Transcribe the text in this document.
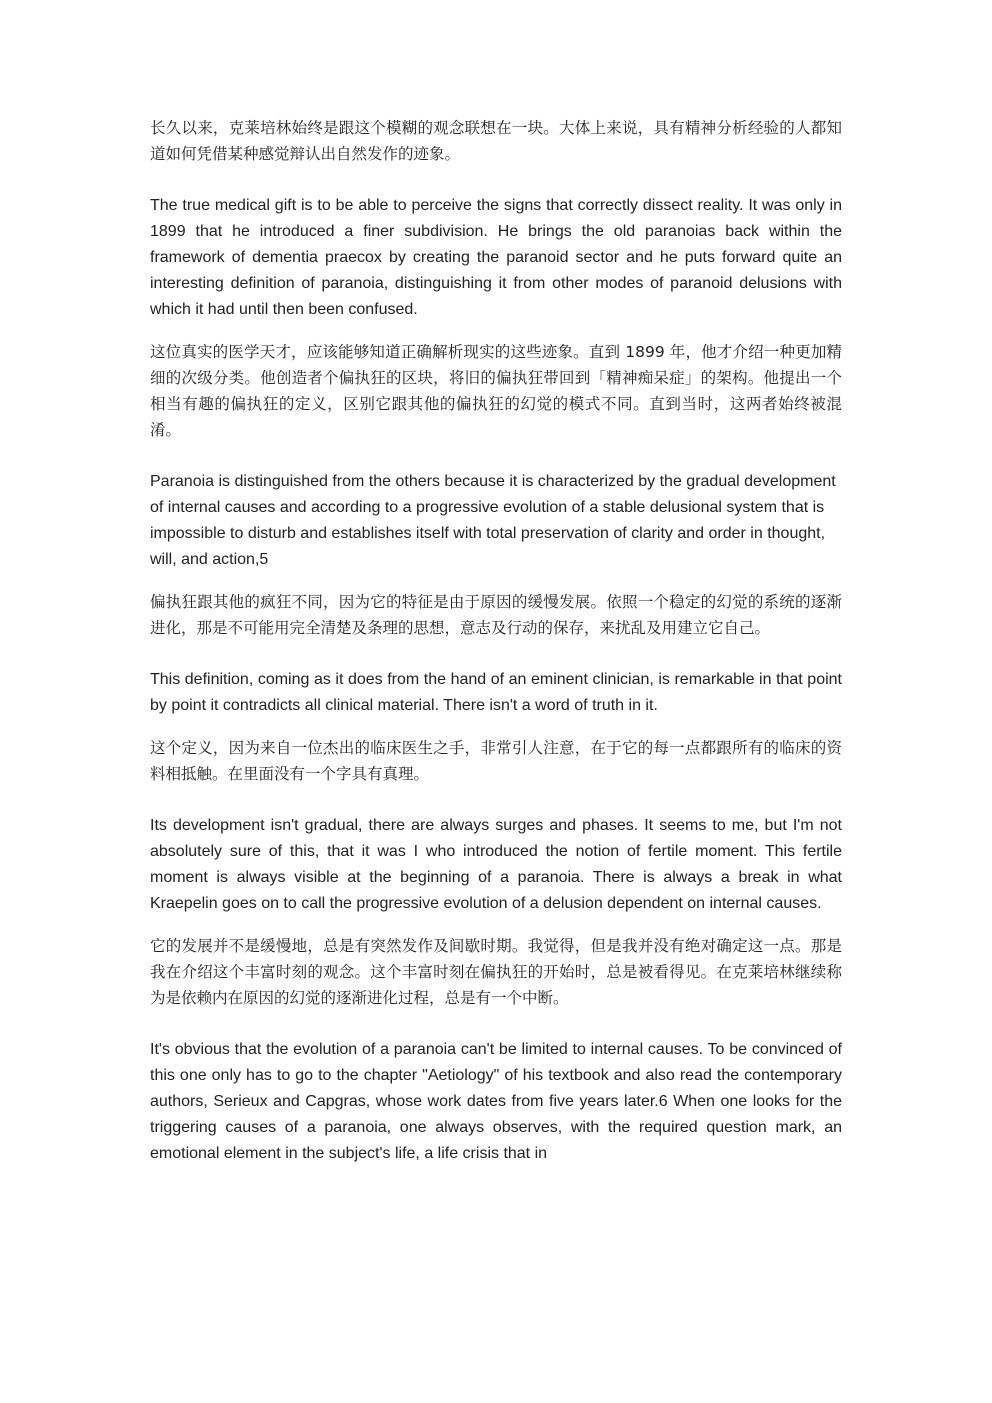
长久以来，克莱培林始终是跟这个模糊的观念联想在一块。大体上来说，具有精神分析经验的人都知道如何凭借某种感觉辩认出自然发作的迹象。

The true medical gift is to be able to perceive the signs that correctly dissect reality. It was only in 1899 that he introduced a finer subdivision. He brings the old paranoias back within the framework of dementia praecox by creating the paranoid sector and he puts forward quite an interesting definition of paranoia, distinguishing it from other modes of paranoid delusions with which it had until then been confused.

这位真实的医学天才，应该能够知道正确解析现实的这些迹象。直到 1899 年，他才介绍一种更加精细的次级分类。他创造者个偏执狂的区块，将旧的偏执狂带回到「精神痴呆症」的架构。他提出一个相当有趣的偏执狂的定义，区别它跟其他的偏执狂的幻觉的模式不同。直到当时，这两者始终被混淆。

Paranoia is distinguished from the others because it is characterized by the gradual development of internal causes and according to a progressive evolution of a stable delusional system that is impossible to disturb and establishes itself with total preservation of clarity and order in thought, will, and action,5

偏执狂跟其他的疯狂不同，因为它的特征是由于原因的缓慢发展。依照一个稳定的幻觉的系统的逐渐进化，那是不可能用完全清楚及条理的思想，意志及行动的保存，来扰乱及用建立它自己。

This definition, coming as it does from the hand of an eminent clinician, is remarkable in that point by point it contradicts all clinical material. There isn't a word of truth in it.

这个定义，因为来自一位杰出的临床医生之手，非常引人注意，在于它的每一点都跟所有的临床的资料相抵触。在里面没有一个字具有真理。

Its development isn't gradual, there are always surges and phases. It seems to me, but I'm not absolutely sure of this, that it was I who introduced the notion of fertile moment. This fertile moment is always visible at the beginning of a paranoia. There is always a break in what Kraepelin goes on to call the progressive evolution of a delusion dependent on internal causes.

它的发展并不是缓慢地，总是有突然发作及间歇时期。我觉得，但是我并没有绝对确定这一点。那是我在介绍这个丰富时刻的观念。这个丰富时刻在偏执狂的开始时，总是被看得见。在克莱培林继续称为是依赖内在原因的幻觉的逐渐进化过程，总是有一个中断。

It's obvious that the evolution of a paranoia can't be limited to internal causes. To be convinced of this one only has to go to the chapter "Aetiology" of his textbook and also read the contemporary authors, Serieux and Capgras, whose work dates from five years later.6 When one looks for the triggering causes of a paranoia, one always observes, with the required question mark, an emotional element in the subject's life, a life crisis that in
